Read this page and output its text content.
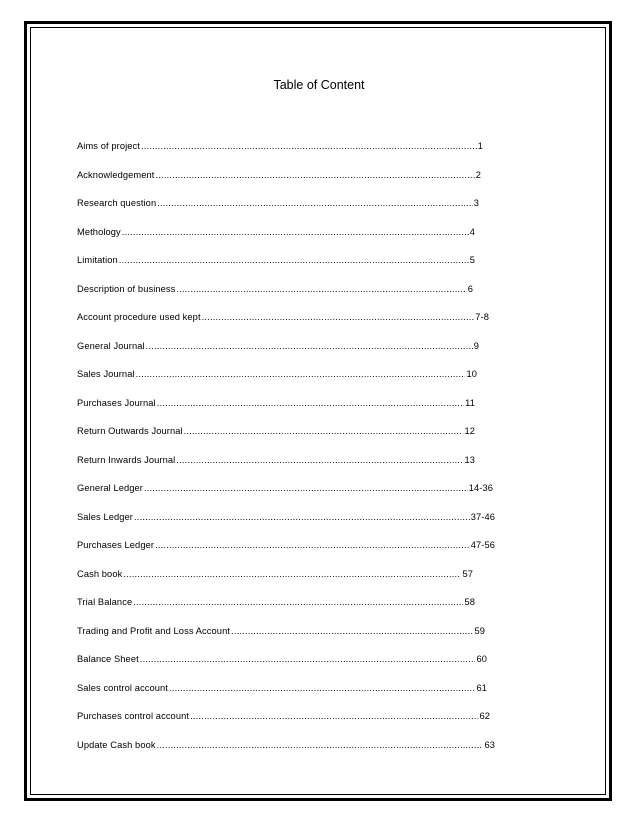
Table of Content
Aims of project .....	1
Acknowledgement .....	2
Research question .....	3
Methology .....	4
Limitation .....	5
Description of business .....	6
Account procedure used kept .....	7-8
General Journal .....	9
Sales Journal .....	10
Purchases Journal .....	11
Return Outwards Journal .....	12
Return Inwards Journal .....	13
General Ledger .....	14-36
Sales Ledger .....	37-46
Purchases Ledger .....	47-56
Cash book .....	57
Trial Balance .....	58
Trading and Profit and Loss Account .....	59
Balance Sheet .....	60
Sales control account .....	61
Purchases control account .....	62
Update Cash book .....	63
